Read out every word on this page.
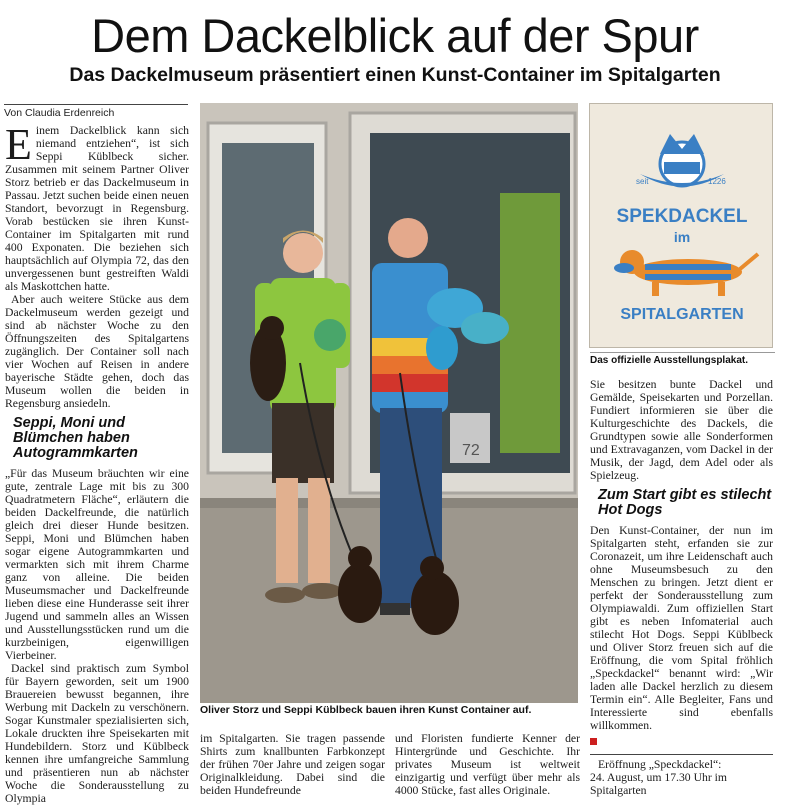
Dem Dackelblick auf der Spur
Das Dackelmuseum präsentiert einen Kunst-Container im Spitalgarten
Von Claudia Erdenreich

Einem Dackelblick kann sich niemand entziehen“, ist sich Seppi Küblbeck sicher. Zusammen mit seinem Partner Oliver Storz betrieb er das Dackelmuseum in Passau. Jetzt suchen beide einen neuen Standort, bevorzugt in Regensburg. Vorab bestücken sie ihren Kunst-Container im Spitalgarten mit rund 400 Exponaten. Die beziehen sich hauptsächlich auf Olympia 72, das den unvergessenen bunt gestreiften Waldi als Maskottchen hatte.

Aber auch weitere Stücke aus dem Dackelmuseum werden gezeigt und sind ab nächster Woche zu den Öffnungszeiten des Spitalgartens zugänglich. Der Container soll nach vier Wochen auf Reisen in andere bayerische Städte gehen, doch das Museum wollen die beiden in Regensburg ansiedeln.

Seppi, Moni und Blümchen haben Autogrammkarten

„Für das Museum bräuchten wir eine gute, zentrale Lage mit bis zu 300 Quadratmetern Fläche“, erläutern die beiden Dackelfreunde, die natürlich gleich drei dieser Hunde besitzen. Seppi, Moni und Blümchen haben sogar eigene Autogrammkarten und vermarkten sich mit ihrem Charme ganz von alleine. Die beiden Museumsmacher und Dackelfreunde lieben diese eine Hunderasse seit ihrer Jugend und sammeln alles an Wissen und Ausstellungsstücken rund um die kurzbeinigen, eigenwilligen Vierbeiner.

Dackel sind praktisch zum Symbol für Bayern geworden, seit um 1900 Brauereien bewusst begannen, ihre Werbung mit Dackeln zu verschönern. Sogar Kunstmaler spezialisierten sich, Lokale druckten ihre Speisekarten mit Hundebildern. Storz und Küblbeck kennen ihre umfangreiche Sammlung und präsentieren nun ab nächster Woche die Sonderausstellung zu Olympia

72
Oliver Storz und Seppi Küblbeck bauen ihren Kunst Container auf.
seit	1226
SPEKDACKEL
im
SPITALGARTEN
Das offizielle Ausstellungsplakat.

Sie besitzen bunte Dackel und Gemälde, Speisekarten und Porzellan. Fundiert informieren sie über die Kulturgeschichte des Dackels, die Grundtypen sowie alle Sonderformen und Extravaganzen, vom Dackel in der Musik, der Jagd, dem Adel oder als Spielzeug.

Zum Start gibt es stilecht Hot Dogs

Den Kunst-Container, der nun im Spitalgarten steht, erfanden sie zur Coronazeit, um ihre Leidenschaft auch ohne Museumsbesuch zu den Menschen zu bringen. Jetzt dient er perfekt der Sonderausstellung zum Olympiawaldi. Zum offiziellen Start gibt es neben Infomaterial auch stilecht Hot Dogs. Seppi Küblbeck und Oliver Storz freuen sich auf die Eröffnung, die vom Spital fröhlich „Speckdackel“ benannt wird: „Wir laden alle Dackel herzlich zu diesem Termin ein“. Alle Begleiter, Fans und Interessierte sind ebenfalls willkommen.

Eröffnung „Speckdackel“:
24. August, um 17.30 Uhr im Spitalgarten

im Spitalgarten. Sie tragen passende Shirts zum knallbunten Farbkonzept der frühen 70er Jahre und zeigen sogar Originalkleidung. Dabei sind die beiden Hundefreunde

und Floristen fundierte Kenner der Hintergründe und Geschichte. Ihr privates Museum ist weltweit einzigartig und verfügt über mehr als 4000 Stücke, fast alles Originale.
